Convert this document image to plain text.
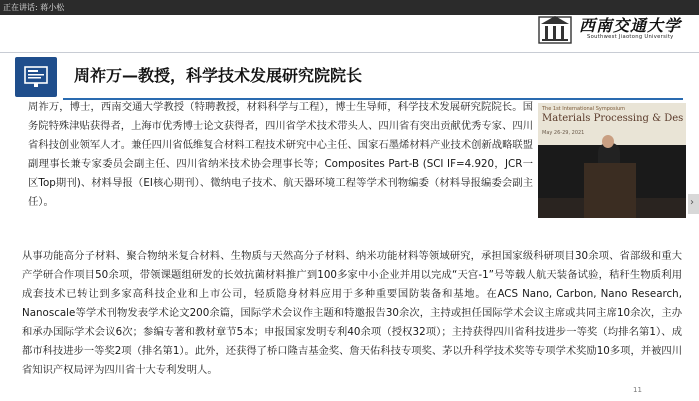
正在讲话: 蒋小松
西南交通大学
Southwest Jiaotong University
周祚万—教授，科学技术发展研究院院长
周祚万，博士，西南交通大学教授（特聘教授，材料科学与工程），博士生导师，科学技术发展研究院院长。国务院特殊津贴获得者，上海市优秀博士论文获得者，四川省学术技术带头人、四川省有突出贡献优秀专家、四川省科技创业领军人才。兼任四川省低维复合材料工程技术研究中心主任、国家石墨烯材料产业技术创新战略联盟副理事长兼专家委员会副主任、四川省纳米技术协会理事长等；Composites Part-B (SCI IF=4.920，JCR一区Top期刊)、材料导报（EI核心期刊）、微纳电子技术、航天器环境工程等学术刊物编委（材料导报编委会副主任）。
The 1st International Symposium
Materials Processing & Des
May 26-29, 2021
从事功能高分子材料、聚合物纳米复合材料、生物质与天然高分子材料、纳米功能材料等领域研究，承担国家级科研项目30余项、省部级和重大产学研合作项目50余项，带领课题组研发的长效抗菌材料推广到100多家中小企业并用以完成“天宫-1”号等载人航天装备试验，秸秆生物质利用成套技术已转让到多家高科技企业和上市公司，轻质隐身材料应用于多种重要国防装备和基地。在ACS Nano, Carbon, Nano Research, Nanoscale等学术刊物发表学术论文200余篇，国际学术会议作主题和特邀报告30余次，主持或担任国际学术会议主席或共同主席10余次，主办和承办国际学术会议6次；参编专著和教材章节5本；申报国家发明专利40余项（授权32项）；主持获得四川省科技进步一等奖（均排名第1）、成都市科技进步一等奖2项（排名第1）。此外，还获得了桥口隆吉基金奖、詹天佑科技专项奖、茅以升科学技术奖等专项学术奖励10多项，并被四川省知识产权局评为四川省十大专利发明人。
11
›
